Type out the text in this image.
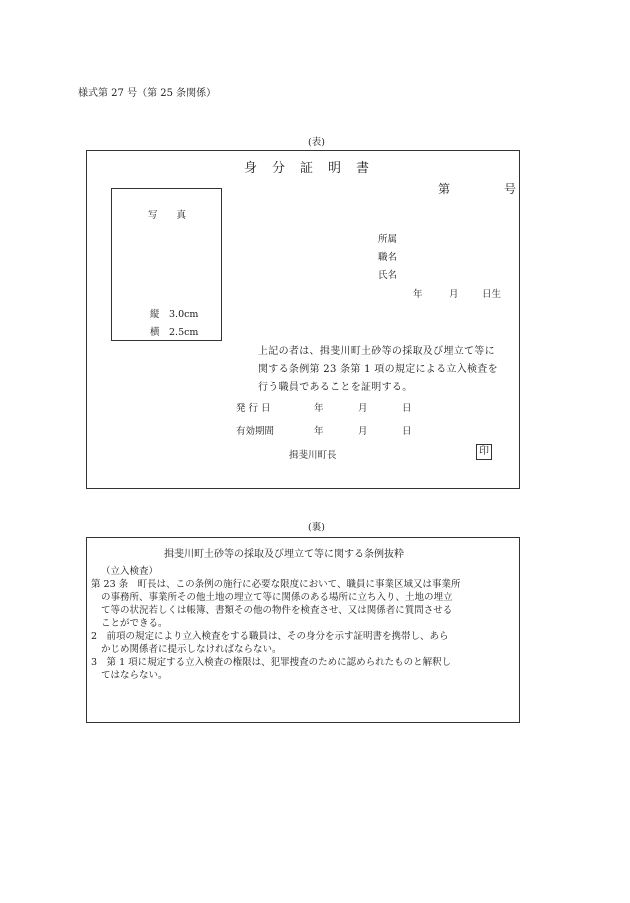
様式第 27 号（第 25 条関係）
(表)
身　分　証　明　書
第	号
写　　真
縦　3.0cm
横　2.5cm
所属
職名
氏名
年	月 日生
上記の者は、揖斐川町土砂等の採取及び埋立て等に
関する条例第 23 条第 1 項の規定による立入検査を
行う職員であることを証明する。
発 行 日	年	月	日
有効期間	年	月	日
揖斐川町長	印
(裏)
揖斐川町土砂等の採取及び埋立て等に関する条例抜粋
（立入検査）
第 23 条　町長は、この条例の施行に必要な限度において、職員に事業区域又は事業所
の事務所、事業所その他土地の埋立て等に関係のある場所に立ち入り、土地の埋立
て等の状況若しくは帳簿、書類その他の物件を検査させ、又は関係者に質問させる
ことができる。
2　前項の規定により立入検査をする職員は、その身分を示す証明書を携帯し、あら
かじめ関係者に提示しなければならない。
3　第 1 項に規定する立入検査の権限は、犯罪捜査のために認められたものと解釈し
てはならない。
